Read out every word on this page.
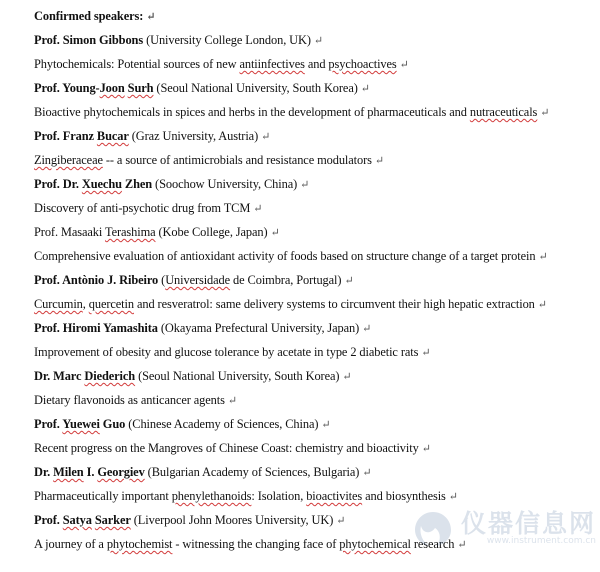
Confirmed speakers: ↵
Prof. Simon Gibbons (University College London, UK) ↵
Phytochemicals: Potential sources of new antiinfectives and psychoactives ↵
Prof. Young-Joon Surh (Seoul National University, South Korea) ↵
Bioactive phytochemicals in spices and herbs in the development of pharmaceuticals and nutraceuticals ↵
Prof. Franz Bucar (Graz University, Austria) ↵
Zingiberaceae -- a source of antimicrobials and resistance modulators ↵
Prof. Dr. Xuechu Zhen (Soochow University, China) ↵
Discovery of anti-psychotic drug from TCM ↵
Prof. Masaaki Terashima (Kobe College, Japan) ↵
Comprehensive evaluation of antioxidant activity of foods based on structure change of a target protein ↵
Prof. Antònio J. Ribeiro (Universidade de Coimbra, Portugal) ↵
Curcumin, quercetin and resveratrol: same delivery systems to circumvent their high hepatic extraction ↵
Prof. Hiromi Yamashita (Okayama Prefectural University, Japan) ↵
Improvement of obesity and glucose tolerance by acetate in type 2 diabetic rats ↵
Dr. Marc Diederich (Seoul National University, South Korea) ↵
Dietary flavonoids as anticancer agents ↵
Prof. Yuewei Guo (Chinese Academy of Sciences, China) ↵
Recent progress on the Mangroves of Chinese Coast: chemistry and bioactivity ↵
Dr. Milen I. Georgiev (Bulgarian Academy of Sciences, Bulgaria) ↵
Pharmaceutically important phenylethanoids: Isolation, bioactivites and biosynthesis ↵
Prof. Satya Sarker (Liverpool John Moores University, UK) ↵
A journey of a phytochemist - witnessing the changing face of phytochemical research ↵
仪器信息网
www.instrument.com.cn
